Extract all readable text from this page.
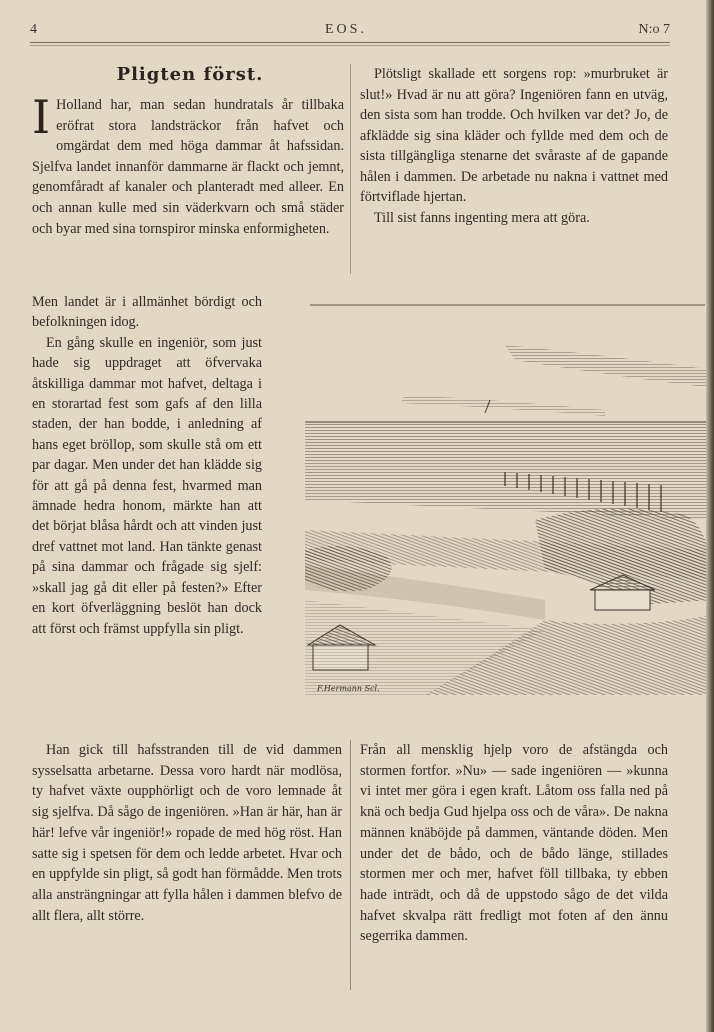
4	EOS.	N:o 7
Pligten först.
I Holland har, man sedan hundratals år tillbaka eröfrat stora landsträckor från hafvet och omgärdat dem med höga dammar åt hafssidan. Sjelfva landet innanför dammarne är flackt och jemnt, genomfåradt af kanaler och planteradt med alleer. En och annan kulle med sin väderkvarn och små städer och byar med sina tornspiror minska enformigheten.

Men landet är i allmänhet bördigt och befolkningen idog.

En gång skulle en ingeniör, som just hade sig uppdraget att öfvervaka åtskilliga dammar mot hafvet, deltaga i en storartad fest som gafs af den lilla staden, der han bodde, i anledning af hans eget bröllop, som skulle stå om ett par dagar. Men under det han klädde sig för att gå på denna fest, hvarmed man ämnade hedra honom, märkte han att det börjat blåsa hårdt och att vinden just dref vattnet mot land. Han tänkte genast på sina dammar och frågade sig sjelf: »skall jag gå dit eller på festen?» Efter en kort öfverläggning beslöt han dock att först och främst uppfylla sin pligt.

Plötsligt skallade ett sorgens rop: »murbruket är slut!» Hvad är nu att göra? Ingeniören fann en utväg, den sista som han trodde. Och hvilken var det? Jo, de afklädde sig sina kläder och fyllde med dem och de sista tillgängliga stenarne det svåraste af de gapande hålen i dammen. De arbetade nu nakna i vattnet med förtviflade hjertan.

Till sist fanns ingenting mera att göra.

F.Hermann Scl.

Han gick till hafsstranden till de vid dammen sysselsatta arbetarne. Dessa voro hardt när modlösa, ty hafvet växte oupphörligt och de voro lemnade åt sig sjelfva. Då sågo de ingeniören. »Han är här, han är här! lefve vår ingeniör!» ropade de med hög röst. Han satte sig i spetsen för dem och ledde arbetet. Hvar och en uppfylde sin pligt, så godt han förmådde. Men trots alla ansträngningar att fylla hålen i dammen blefvo de allt flera, allt större.

Från all mensklig hjelp voro de afstängda och stormen fortfor. »Nu» — sade ingeniören — »kunna vi intet mer göra i egen kraft. Låtom oss falla ned på knä och bedja Gud hjelpa oss och de våra». De nakna männen knäböjde på dammen, väntande döden. Men under det de bådo, och de bådo länge, stillades stormen mer och mer, hafvet föll tillbaka, ty ebben hade inträdt, och då de uppstodo sågo de det vilda hafvet skvalpa rätt fredligt mot foten af den ännu segerrika dammen.
